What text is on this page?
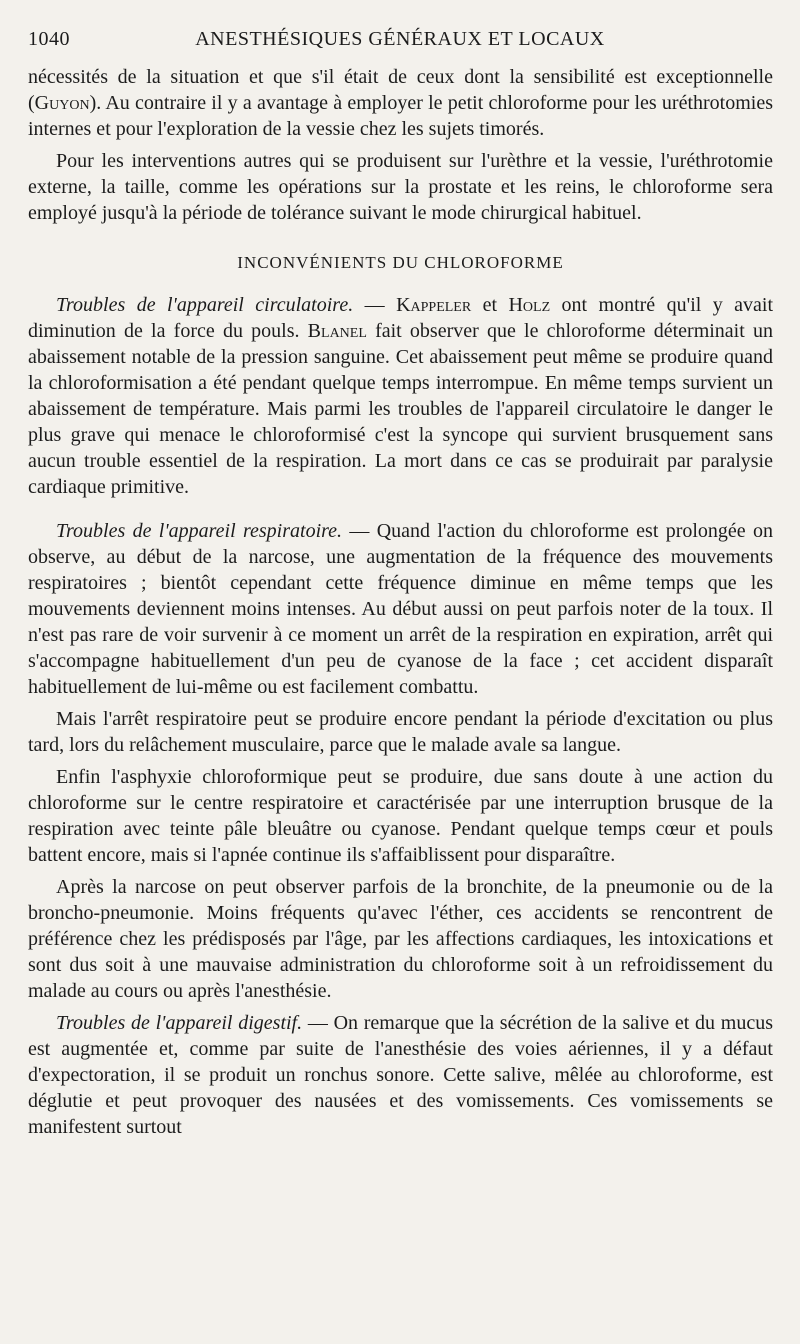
1040	ANESTHÉSIQUES GÉNÉRAUX ET LOCAUX

nécessités de la situation et que s'il était de ceux dont la sensibilité est exceptionnelle (Guyon). Au contraire il y a avantage à employer le petit chloroforme pour les uréthrotomies internes et pour l'exploration de la vessie chez les sujets timorés.

Pour les interventions autres qui se produisent sur l'urèthre et la vessie, l'uréthrotomie externe, la taille, comme les opérations sur la prostate et les reins, le chloroforme sera employé jusqu'à la période de tolérance suivant le mode chirurgical habituel.

INCONVÉNIENTS DU CHLOROFORME

Troubles de l'appareil circulatoire. — Kappeler et Holz ont montré qu'il y avait diminution de la force du pouls. Blanel fait observer que le chloroforme déterminait un abaissement notable de la pression sanguine. Cet abaissement peut même se produire quand la chloroformisation a été pendant quelque temps interrompue. En même temps survient un abaissement de température. Mais parmi les troubles de l'appareil circulatoire le danger le plus grave qui menace le chloroformisé c'est la syncope qui survient brusquement sans aucun trouble essentiel de la respiration. La mort dans ce cas se produirait par paralysie cardiaque primitive.

Troubles de l'appareil respiratoire. — Quand l'action du chloroforme est prolongée on observe, au début de la narcose, une augmentation de la fréquence des mouvements respiratoires ; bientôt cependant cette fréquence diminue en même temps que les mouvements deviennent moins intenses. Au début aussi on peut parfois noter de la toux. Il n'est pas rare de voir survenir à ce moment un arrêt de la respiration en expiration, arrêt qui s'accompagne habituellement d'un peu de cyanose de la face ; cet accident disparaît habituellement de lui-même ou est facilement combattu.

Mais l'arrêt respiratoire peut se produire encore pendant la période d'excitation ou plus tard, lors du relâchement musculaire, parce que le malade avale sa langue.

Enfin l'asphyxie chloroformique peut se produire, due sans doute à une action du chloroforme sur le centre respiratoire et caractérisée par une interruption brusque de la respiration avec teinte pâle bleuâtre ou cyanose. Pendant quelque temps cœur et pouls battent encore, mais si l'apnée continue ils s'affaiblissent pour disparaître.

Après la narcose on peut observer parfois de la bronchite, de la pneumonie ou de la broncho-pneumonie. Moins fréquents qu'avec l'éther, ces accidents se rencontrent de préférence chez les prédisposés par l'âge, par les affections cardiaques, les intoxications et sont dus soit à une mauvaise administration du chloroforme soit à un refroidissement du malade au cours ou après l'anesthésie.

Troubles de l'appareil digestif. — On remarque que la sécrétion de la salive et du mucus est augmentée et, comme par suite de l'anesthésie des voies aériennes, il y a défaut d'expectoration, il se produit un ronchus sonore. Cette salive, mêlée au chloroforme, est déglutie et peut provoquer des nausées et des vomissements. Ces vomissements se manifestent surtout
